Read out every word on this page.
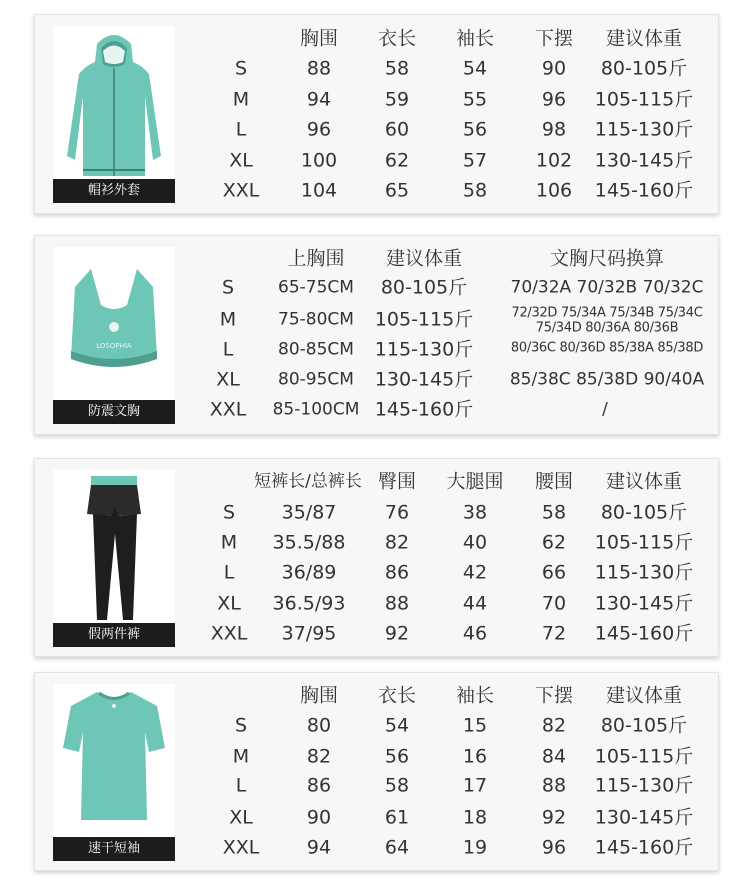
帽衫外套
胸围 衣长 袖长 下摆 建议体重
S	88	58	54	90 80-105斤
M	94	59	55	96 105-115斤
L	96	60	56	98 115-130斤
XL	100	62	57	102 130-145斤
XXL 104	65	58	106 145-160斤
LOSOPHIA
防震文胸
上胸围 建议体重	文胸尺码换算
S	65-75CM 80-105斤	70/32A 70/32B 70/32C
M 75-80CM 105-115斤	72/32D 75/34A 75/34B 75/34C
75/34D 80/36A 80/36B
L	80-85CM 115-130斤	80/36C 80/36D 85/38A 85/38D
XL 80-95CM 130-145斤 85/38C 85/38D 90/40A
XXL 85-100CM 145-160斤	/
假两件裤
短裤长/总裤长 臀围 大腿围 腰围 建议体重
S 35/87	76	38	58 80-105斤
M 35.5/88 82	40	62 105-115斤
L 36/89	86	42	66 115-130斤
XL 36.5/93 88	44	70 130-145斤
XXL 37/95	92	46	72 145-160斤
速干短袖
胸围 衣长 袖长 下摆 建议体重
S	80	54	15	82 80-105斤
M	82	56	16	84 105-115斤
L	86	58	17	88 115-130斤
XL	90	61	18	92 130-145斤
XXL	94	64	19	96 145-160斤
